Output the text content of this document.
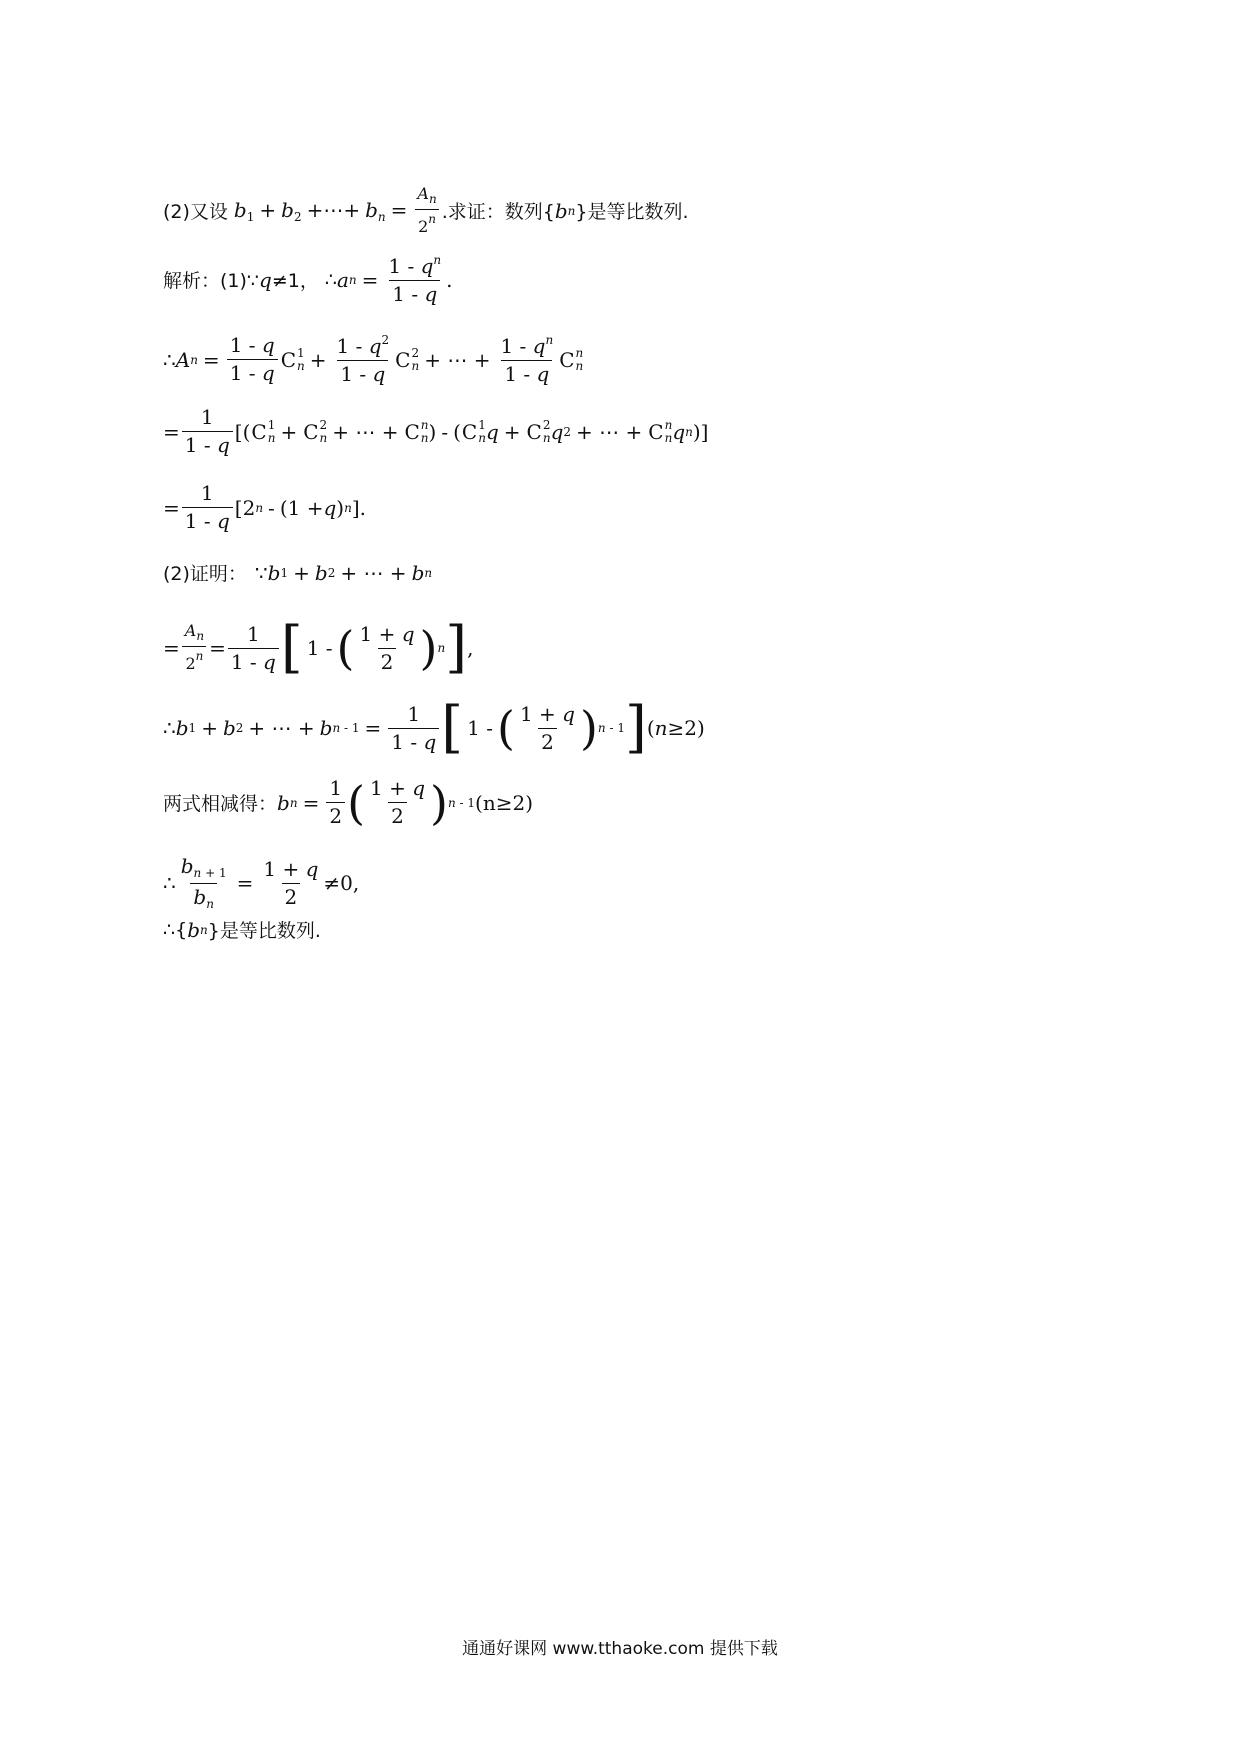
(2)又设 $b_1 + b_2$ +⋯+ $b_n = \frac{A_n}{2^n}$ .求证：数列{ b n }是等比数列.
解析：(1)∵ q ≠1， ∴ a $n = \frac{1 - q^n}{1 - q}$ .
∴ A $n = \frac{1 - q}{1 - q}$ C 1
$n + \frac{1 - q^2}{1 - q}$ C 2
n + ⋯ + $\frac{1 - q^n}{1 - q}$ C n
n
= $\frac{1}{1 - q}$ [( C 1
n + C 2
n + ⋯ + C n
n ) - ( C 1
n q + C 2
n q 2 + ⋯ + C n
n q n )]
= $\frac{1}{1 - q} [2$ n - (1 + q ) n ].
(2)证明： ∵ b 1 + b 2 + ⋯ + b n
= $\frac{A_n}{2^n} = \frac{1}{1 - q}$ [ 1 - ( $\frac{1 + q}{2}$ ) n ] ,
∴ b 1 + b 2 + ⋯ + b $n - 1 = \frac{1}{1 - q}$ [ 1 - ( $\frac{1 + q}{2}$ ) n - 1 ] ( n ≥2)
两式相减得： b $n = \frac{1}{2}$ ( $\frac{1 + q}{2}$ ) n - 1 (n≥2)
∴ $\frac{b_{n + 1}}{b_n} = \frac{1 + q}{2} \ne 0$,
∴{ b n }是等比数列.
通通好课网 www.tthaoke.com 提供下载
